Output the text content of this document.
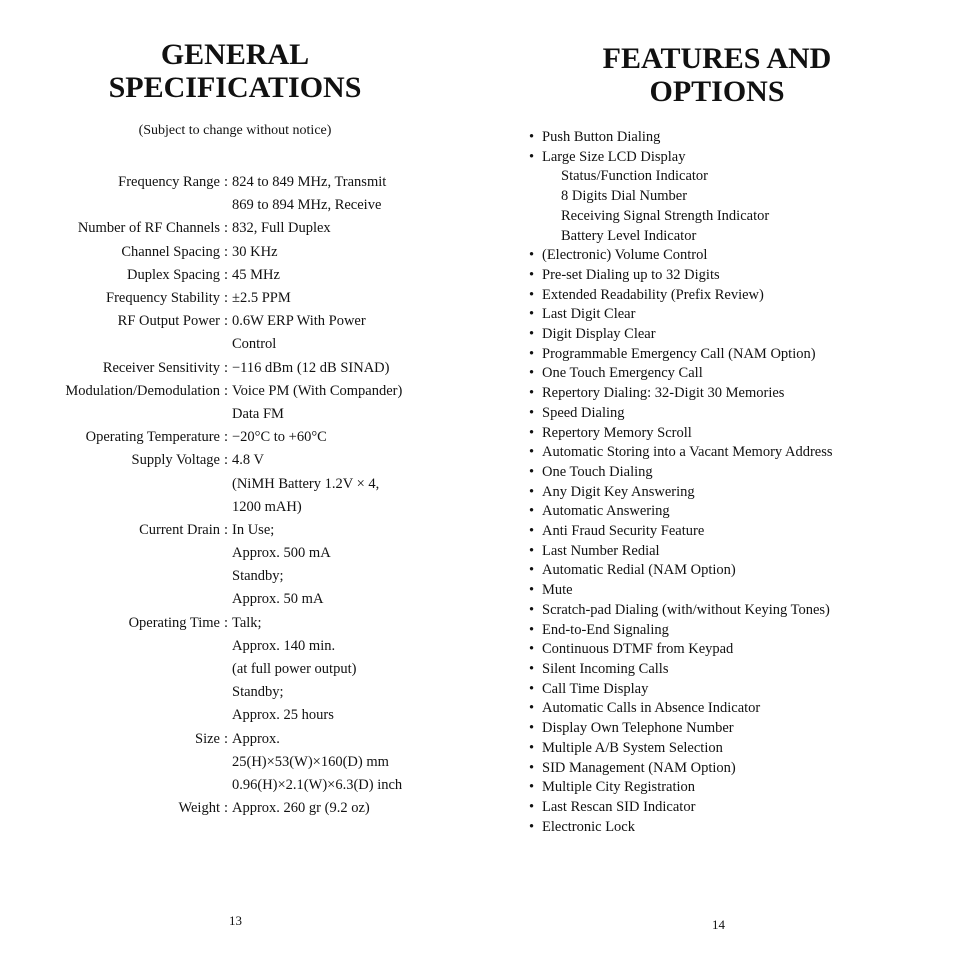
GENERAL
SPECIFICATIONS
(Subject to change without notice)
Frequency Range : 824 to 849 MHz, Transmit
869 to 894 MHz, Receive
Number of RF Channels : 832, Full Duplex
Channel Spacing : 30 KHz
Duplex Spacing : 45 MHz
Frequency Stability : ±2.5 PPM
RF Output Power : 0.6W ERP With Power
Control
Receiver Sensitivity : −116 dBm (12 dB SINAD)
Modulation/Demodulation : Voice PM (With Compander)
Data FM
Operating Temperature : −20°C to +60°C
Supply Voltage : 4.8 V
(NiMH Battery 1.2V × 4,
1200 mAH)
Current Drain : In Use;
Approx. 500 mA
Standby;
Approx. 50 mA
Operating Time : Talk;
Approx. 140 min.
(at full power output)
Standby;
Approx. 25 hours
Size : Approx.
25(H)×53(W)×160(D) mm
0.96(H)×2.1(W)×6.3(D) inch
Weight : Approx. 260 gr (9.2 oz)
13
FEATURES AND
OPTIONS
• Push Button Dialing
• Large Size LCD Display
Status/Function Indicator
8 Digits Dial Number
Receiving Signal Strength Indicator
Battery Level Indicator
• (Electronic) Volume Control
• Pre-set Dialing up to 32 Digits
• Extended Readability (Prefix Review)
• Last Digit Clear
• Digit Display Clear
• Programmable Emergency Call (NAM Option)
• One Touch Emergency Call
• Repertory Dialing: 32-Digit 30 Memories
• Speed Dialing
• Repertory Memory Scroll
• Automatic Storing into a Vacant Memory Address
• One Touch Dialing
• Any Digit Key Answering
• Automatic Answering
• Anti Fraud Security Feature
• Last Number Redial
• Automatic Redial (NAM Option)
• Mute
• Scratch-pad Dialing (with/without Keying Tones)
• End-to-End Signaling
• Continuous DTMF from Keypad
• Silent Incoming Calls
• Call Time Display
• Automatic Calls in Absence Indicator
• Display Own Telephone Number
• Multiple A/B System Selection
• SID Management (NAM Option)
• Multiple City Registration
• Last Rescan SID Indicator
• Electronic Lock
14
